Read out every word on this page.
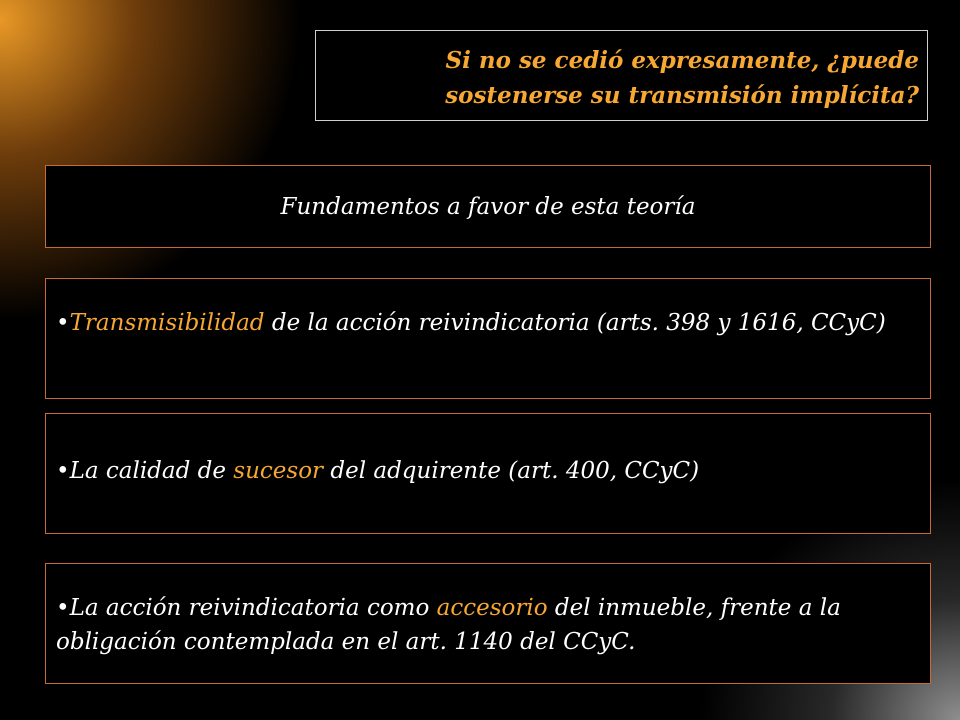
Si no se cedió expresamente, ¿puede sostenerse su transmisión implícita?
Fundamentos a favor de esta teoría
•Transmisibilidad de la acción reivindicatoria (arts. 398 y 1616, CCyC)
•La calidad de sucesor del adquirente (art. 400, CCyC)
•La acción reivindicatoria como accesorio del inmueble, frente a la obligación contemplada en el art. 1140 del CCyC.
